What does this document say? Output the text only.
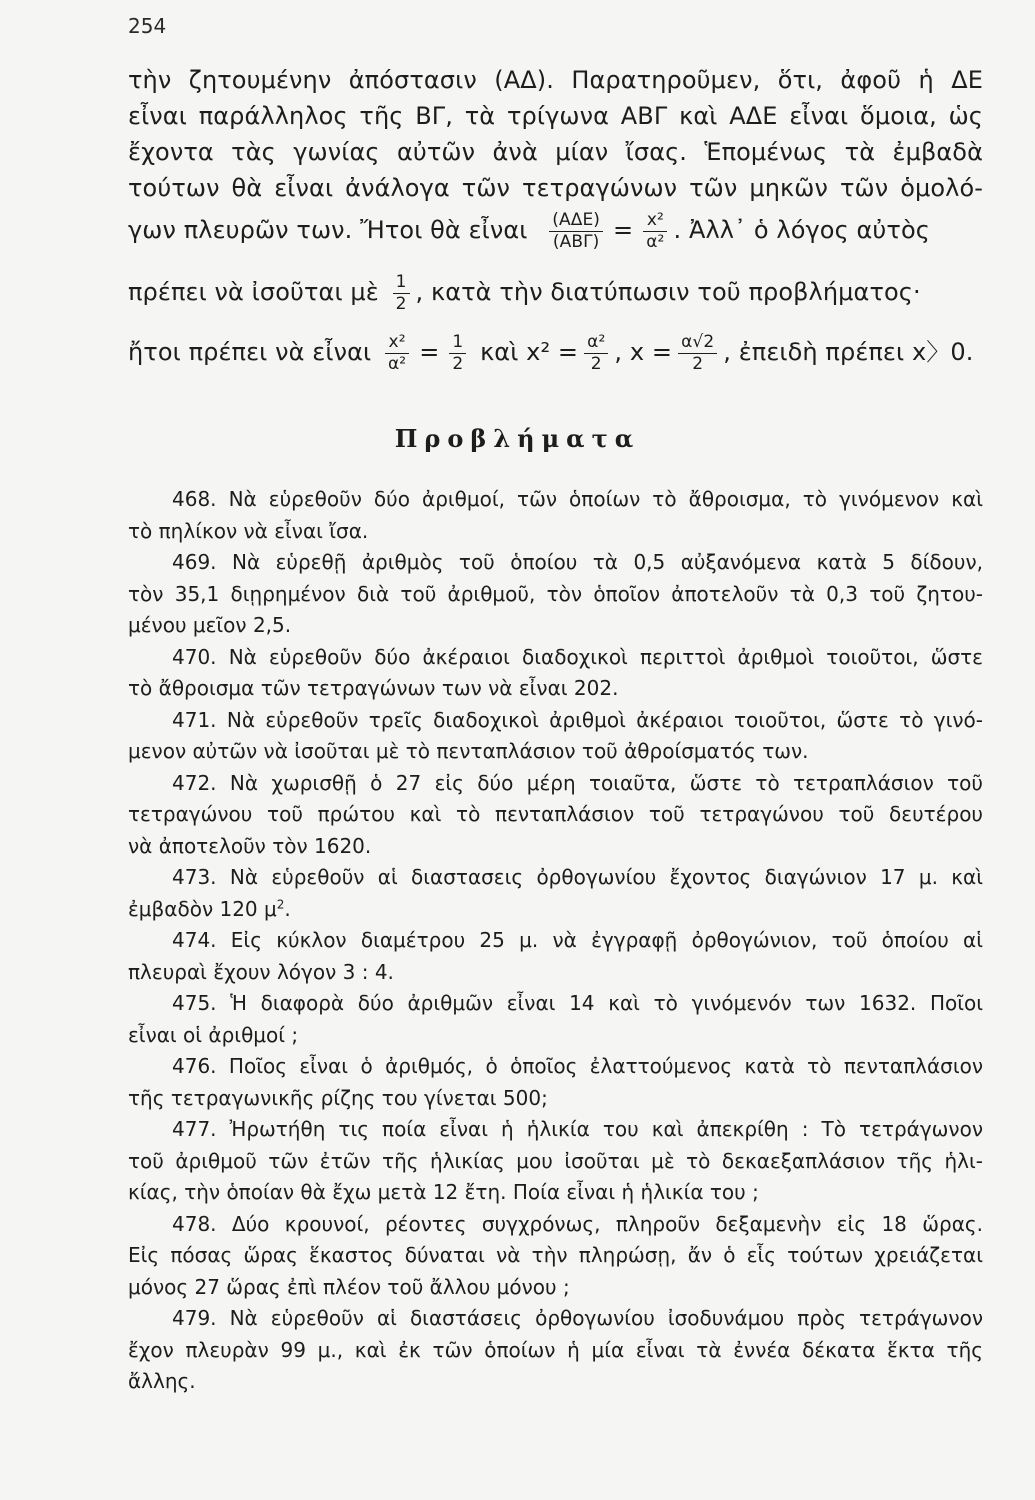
254

τὴν ζητουμένην ἀπόστασιν (ΑΔ). Παρατηροῦμεν, ὅτι, ἀφοῦ ἡ ΔΕ

εἶναι παράλληλος τῆς ΒΓ, τὰ τρίγωνα ΑΒΓ καὶ ΑΔΕ εἶναι ὅμοια, ὡς

ἔχοντα τὰς γωνίας αὐτῶν ἀνὰ μίαν ἴσας. Ἑπομένως τὰ ἐμβαδὰ

τούτων θὰ εἶναι ἀνάλογα τῶν τετραγώνων τῶν μηκῶν τῶν ὁμολό-

γων πλευρῶν των. Ἤτοι θὰ εἶναι $\frac{\text{(ΑΔΕ)}}{\text{(ΑΒΓ)}} = \frac{\text{x²}}{\text{α²}}$ . Ἀλλ᾿ ὁ λόγος αὐτὸς

πρέπει νὰ ἰσοῦται μὲ $\frac{1}{2}$ , κατὰ τὴν διατύπωσιν τοῦ προβλήματος·

ἤτοι πρέπει νὰ εἶναι $\frac{\text{x²}}{\text{α²}} = \frac{1}{2}$ καὶ $x^2 = \frac{\text{α²}}{2}$ , $x = \frac{\alpha√2}{2}$ , ἐπειδὴ πρέπει x〉0.

Προβλήματα

468. Νὰ εὑρεθοῦν δύο ἀριθμοί, τῶν ὁποίων τὸ ἄθροισμα, τὸ γινόμενον καὶ

τὸ πηλίκον νὰ εἶναι ἴσα.

469. Νὰ εὑρεθῇ ἀριθμὸς τοῦ ὁποίου τὰ 0,5 αὐξανόμενα κατὰ 5 δίδουν,

τὸν 35,1 διῃρημένον διὰ τοῦ ἀριθμοῦ, τὸν ὁποῖον ἀποτελοῦν τὰ 0,3 τοῦ ζητου-

μένου μεῖον 2,5.

470. Νὰ εὑρεθοῦν δύο ἀκέραιοι διαδοχικοὶ περιττοὶ ἀριθμοὶ τοιοῦτοι, ὥστε

τὸ ἄθροισμα τῶν τετραγώνων των νὰ εἶναι 202.

471. Νὰ εὑρεθοῦν τρεῖς διαδοχικοὶ ἀριθμοὶ ἀκέραιοι τοιοῦτοι, ὥστε τὸ γινό-

μενον αὐτῶν νὰ ἰσοῦται μὲ τὸ πενταπλάσιον τοῦ ἀθροίσματός των.

472. Νὰ χωρισθῇ ὁ 27 εἰς δύο μέρη τοιαῦτα, ὥστε τὸ τετραπλάσιον τοῦ

τετραγώνου τοῦ πρώτου καὶ τὸ πενταπλάσιον τοῦ τετραγώνου τοῦ δευτέρου

νὰ ἀποτελοῦν τὸν 1620.

473. Νὰ εὑρεθοῦν αἱ διαστασεις ὀρθογωνίου ἔχοντος διαγώνιον 17 μ. καὶ

ἐμβαδὸν 120 $\mu^2$.

474. Εἰς κύκλον διαμέτρου 25 μ. νὰ ἐγγραφῇ ὀρθογώνιον, τοῦ ὁποίου αἱ

πλευραὶ ἔχουν λόγον 3 : 4.

475. Ἡ διαφορὰ δύο ἀριθμῶν εἶναι 14 καὶ τὸ γινόμενόν των 1632. Ποῖοι

εἶναι οἱ ἀριθμοί ;

476. Ποῖος εἶναι ὁ ἀριθμός, ὁ ὁποῖος ἐλαττούμενος κατὰ τὸ πενταπλάσιον

τῆς τετραγωνικῆς ρίζης του γίνεται 500;

477. Ἠρωτήθη τις ποία εἶναι ἡ ἡλικία του καὶ ἀπεκρίθη : Τὸ τετράγωνον

τοῦ ἀριθμοῦ τῶν ἐτῶν τῆς ἡλικίας μου ἰσοῦται μὲ τὸ δεκαεξαπλάσιον τῆς ἡλι-

κίας, τὴν ὁποίαν θὰ ἔχω μετὰ 12 ἔτη. Ποία εἶναι ἡ ἡλικία του ;

478. Δύο κρουνοί, ρέοντες συγχρόνως, πληροῦν δεξαμενὴν εἰς 18 ὥρας.

Εἰς πόσας ὥρας ἕκαστος δύναται νὰ τὴν πληρώσῃ, ἄν ὁ εἷς τούτων χρειάζεται

μόνος 27 ὥρας ἐπὶ πλέον τοῦ ἄλλου μόνου ;

479. Νὰ εὑρεθοῦν αἱ διαστάσεις ὀρθογωνίου ἰσοδυνάμου πρὸς τετράγωνον

ἔχον πλευρὰν 99 μ., καὶ ἐκ τῶν ὁποίων ἡ μία εἶναι τὰ ἐννέα δέκατα ἕκτα τῆς

ἄλλης.
